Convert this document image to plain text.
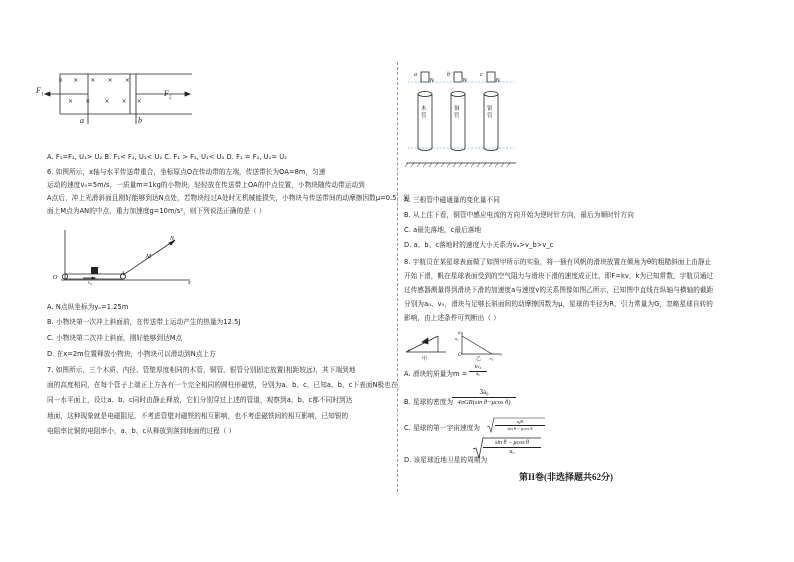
× × × × ×
× × × × ×
$F_1$	$F_2$
a	b
A. F₁=F₂, U₁> U₂ B. F₁< F₂, U₁< U₂ C. F₁ > F₂, U₁< U₂ D. F₁ = F₂, U₁= U₂
6. 如图所示，x轴与水平传送带重合，坐标原点O在传动带的左端，传送带长为OA=8m，匀速
运动的速度v₀=5m/s，一质量m=1kg的小物块，轻轻放在传送带上OA的中点位置，小物块随传动带运动到
A点后，冲上光滑斜面且刚好能够到达N点处，若物块经过A处时无机械能损失，小物块与传送带间的动摩擦因数μ=0.5，斜
面上M点为AN的中点，重力加速度g=10m/s²，则下列说法正确的是（ ）
O
A
M
N
v₀	x
A. N点纵坐标为yₙ=1.25m
B. 小物块第一次冲上斜面前，在传送带上运动产生的热量为12.5J
C. 小物块第二次冲上斜面，刚好能够到达M点
D. 在x=2m位置释放小物块，小物块可以滑动到N点上方
7. 如图所示，三个木质、内径、管壁厚度相同的木管，铜管，银管分别固定放置(相距较远)，其下端到地
面的高度相同，在每个管子上端正上方各有一个完全相同的圆柱形磁铁，分别为a、b、c，已知a、b、c下表面N极也在
同一水平面上，设让a、b、c同时由静止释放，它们分别穿过上述的管道，观察到a、b、c都不同时到达
地面，这种现象就是电磁阻尼，不考虑管壁对磁铁的相互影响，也不考虑磁铁间的相互影响，已知银的
电阻率比铜的电阻率小，a、b、c从释放到落到地面的过程（ ）
a	b	c
N	N	N
木管
铜管
银管
A. 三根管中磁通量的变化量不同
B. 从上往下看，铜管中感应电流的方向开始为逆时针方向，最后为顺时针方向
C. a最先落地，c最后落地
D. a、b、c落地时的速度大小关系为vₐ>v_b>v_c
8. 宇航员在某星球表面做了如图甲所示的实验，将一插有风帆的滑块放置在倾角为θ的粗糙斜面上由静止
开始下滑，帆在星球表面受到的空气阻力与滑块下滑的速度成正比，即F=kv，k为已知常数，宇航员通过
过传感器测量得到滑块下滑的加速度a与速度v的关系图像如图乙所示，已知图中直线在纵轴与横轴的截距
分别为a₀、v₀，滑块与足够长斜面间的动摩擦因数为μ，星球的半径为R，引力常量为G，忽略星球自转的
影响，由上述条件可判断出（ ）
甲	乙
a
v
O
a₀
v₀
θ
A. 滑块的质量为$m = \frac{\text{kv₀}}{\text{a₀}}$
B. 星球的密度为
3a₀
4πGR(sin θ−μcos θ)
C. 星球的第一宇宙速度为	$\frac{\text{a₀R}}{\text{sin θ − μcos θ}}$
D. 该星球近地卫星的周期为
$\frac{\text{sin θ − μcos θ}}{\text{a₀}}$
第II卷(非选择题共62分)
